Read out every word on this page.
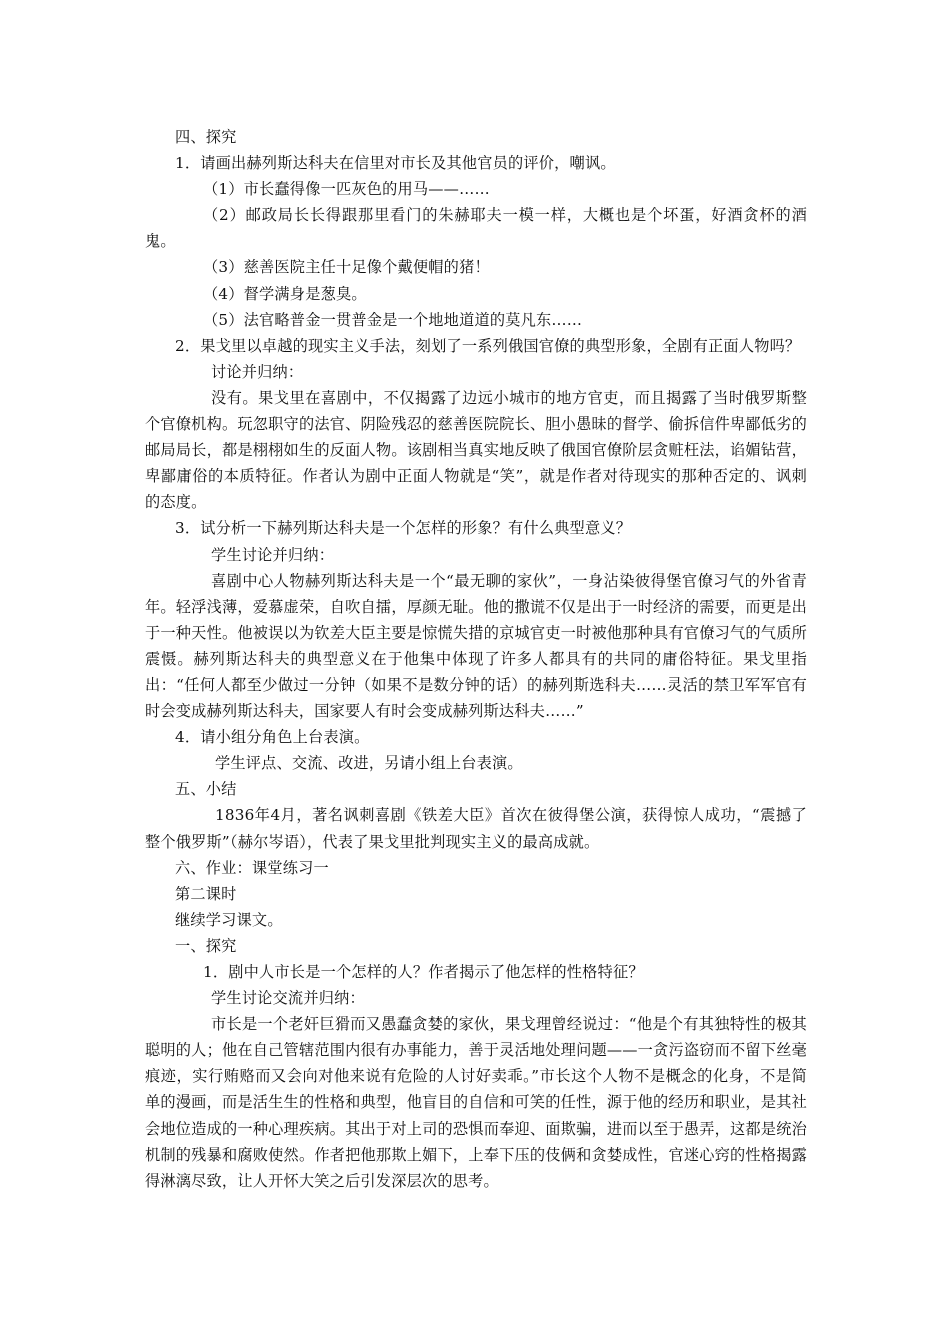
四、探究

1．请画出赫列斯达科夫在信里对市长及其他官员的评价，嘲讽。

（1）市长蠢得像一匹灰色的用马——……

（2）邮政局长长得跟那里看门的朱赫耶夫一模一样，大概也是个坏蛋，好酒贪杯的酒鬼。

（3）慈善医院主任十足像个戴便帽的猪！

（4）督学满身是葱臭。

（5）法官略普金一贯普金是一个地地道道的莫凡东……

2．果戈里以卓越的现实主义手法，刻划了一系列俄国官僚的典型形象，全剧有正面人物吗？

讨论并归纳：

没有。果戈里在喜剧中，不仅揭露了边远小城市的地方官吏，而且揭露了当时俄罗斯整个官僚机构。玩忽职守的法官、阴险残忍的慈善医院院长、胆小愚昧的督学、偷拆信件卑鄙低劣的邮局局长，都是栩栩如生的反面人物。该剧相当真实地反映了俄国官僚阶层贪赃枉法，谄媚钻营，卑鄙庸俗的本质特征。作者认为剧中正面人物就是“笑”，就是作者对待现实的那种否定的、讽刺的态度。

3．试分析一下赫列斯达科夫是一个怎样的形象？有什么典型意义？

学生讨论并归纳：

喜剧中心人物赫列斯达科夫是一个“最无聊的家伙”，一身沾染彼得堡官僚习气的外省青年。轻浮浅薄，爱慕虚荣，自吹自擂，厚颜无耻。他的撒谎不仅是出于一时经济的需要，而更是出于一种天性。他被误以为钦差大臣主要是惊慌失措的京城官吏一时被他那种具有官僚习气的气质所震慑。赫列斯达科夫的典型意义在于他集中体现了许多人都具有的共同的庸俗特征。果戈里指出：“任何人都至少做过一分钟（如果不是数分钟的话）的赫列斯选科夫……灵活的禁卫军军官有时会变成赫列斯达科夫，国家要人有时会变成赫列斯达科夫……”

4．请小组分角色上台表演。

学生评点、交流、改进，另请小组上台表演。

五、小结

1836年4月，著名讽刺喜剧《铁差大臣》首次在彼得堡公演，获得惊人成功，“震撼了整个俄罗斯”（赫尔岑语），代表了果戈里批判现实主义的最高成就。

六、作业：课堂练习一

第二课时

继续学习课文。

一、探究

1．剧中人市长是一个怎样的人？作者揭示了他怎样的性格特征？

学生讨论交流并归纳：

市长是一个老奸巨猾而又愚蠢贪婪的家伙，果戈理曾经说过：“他是个有其独特性的极其聪明的人；他在自己管辖范围内很有办事能力，善于灵活地处理问题——一贪污盗窃而不留下丝毫痕迹，实行贿赂而又会向对他来说有危险的人讨好卖乖。”市长这个人物不是概念的化身，不是简单的漫画，而是活生生的性格和典型，他盲目的自信和可笑的任性，源于他的经历和职业，是其社会地位造成的一种心理疾病。其出于对上司的恐惧而奉迎、面欺骗，进而以至于愚弄，这都是统治机制的残暴和腐败使然。作者把他那欺上媚下，上奉下压的伎俩和贪婪成性，官迷心窍的性格揭露得淋漓尽致，让人开怀大笑之后引发深层次的思考。
